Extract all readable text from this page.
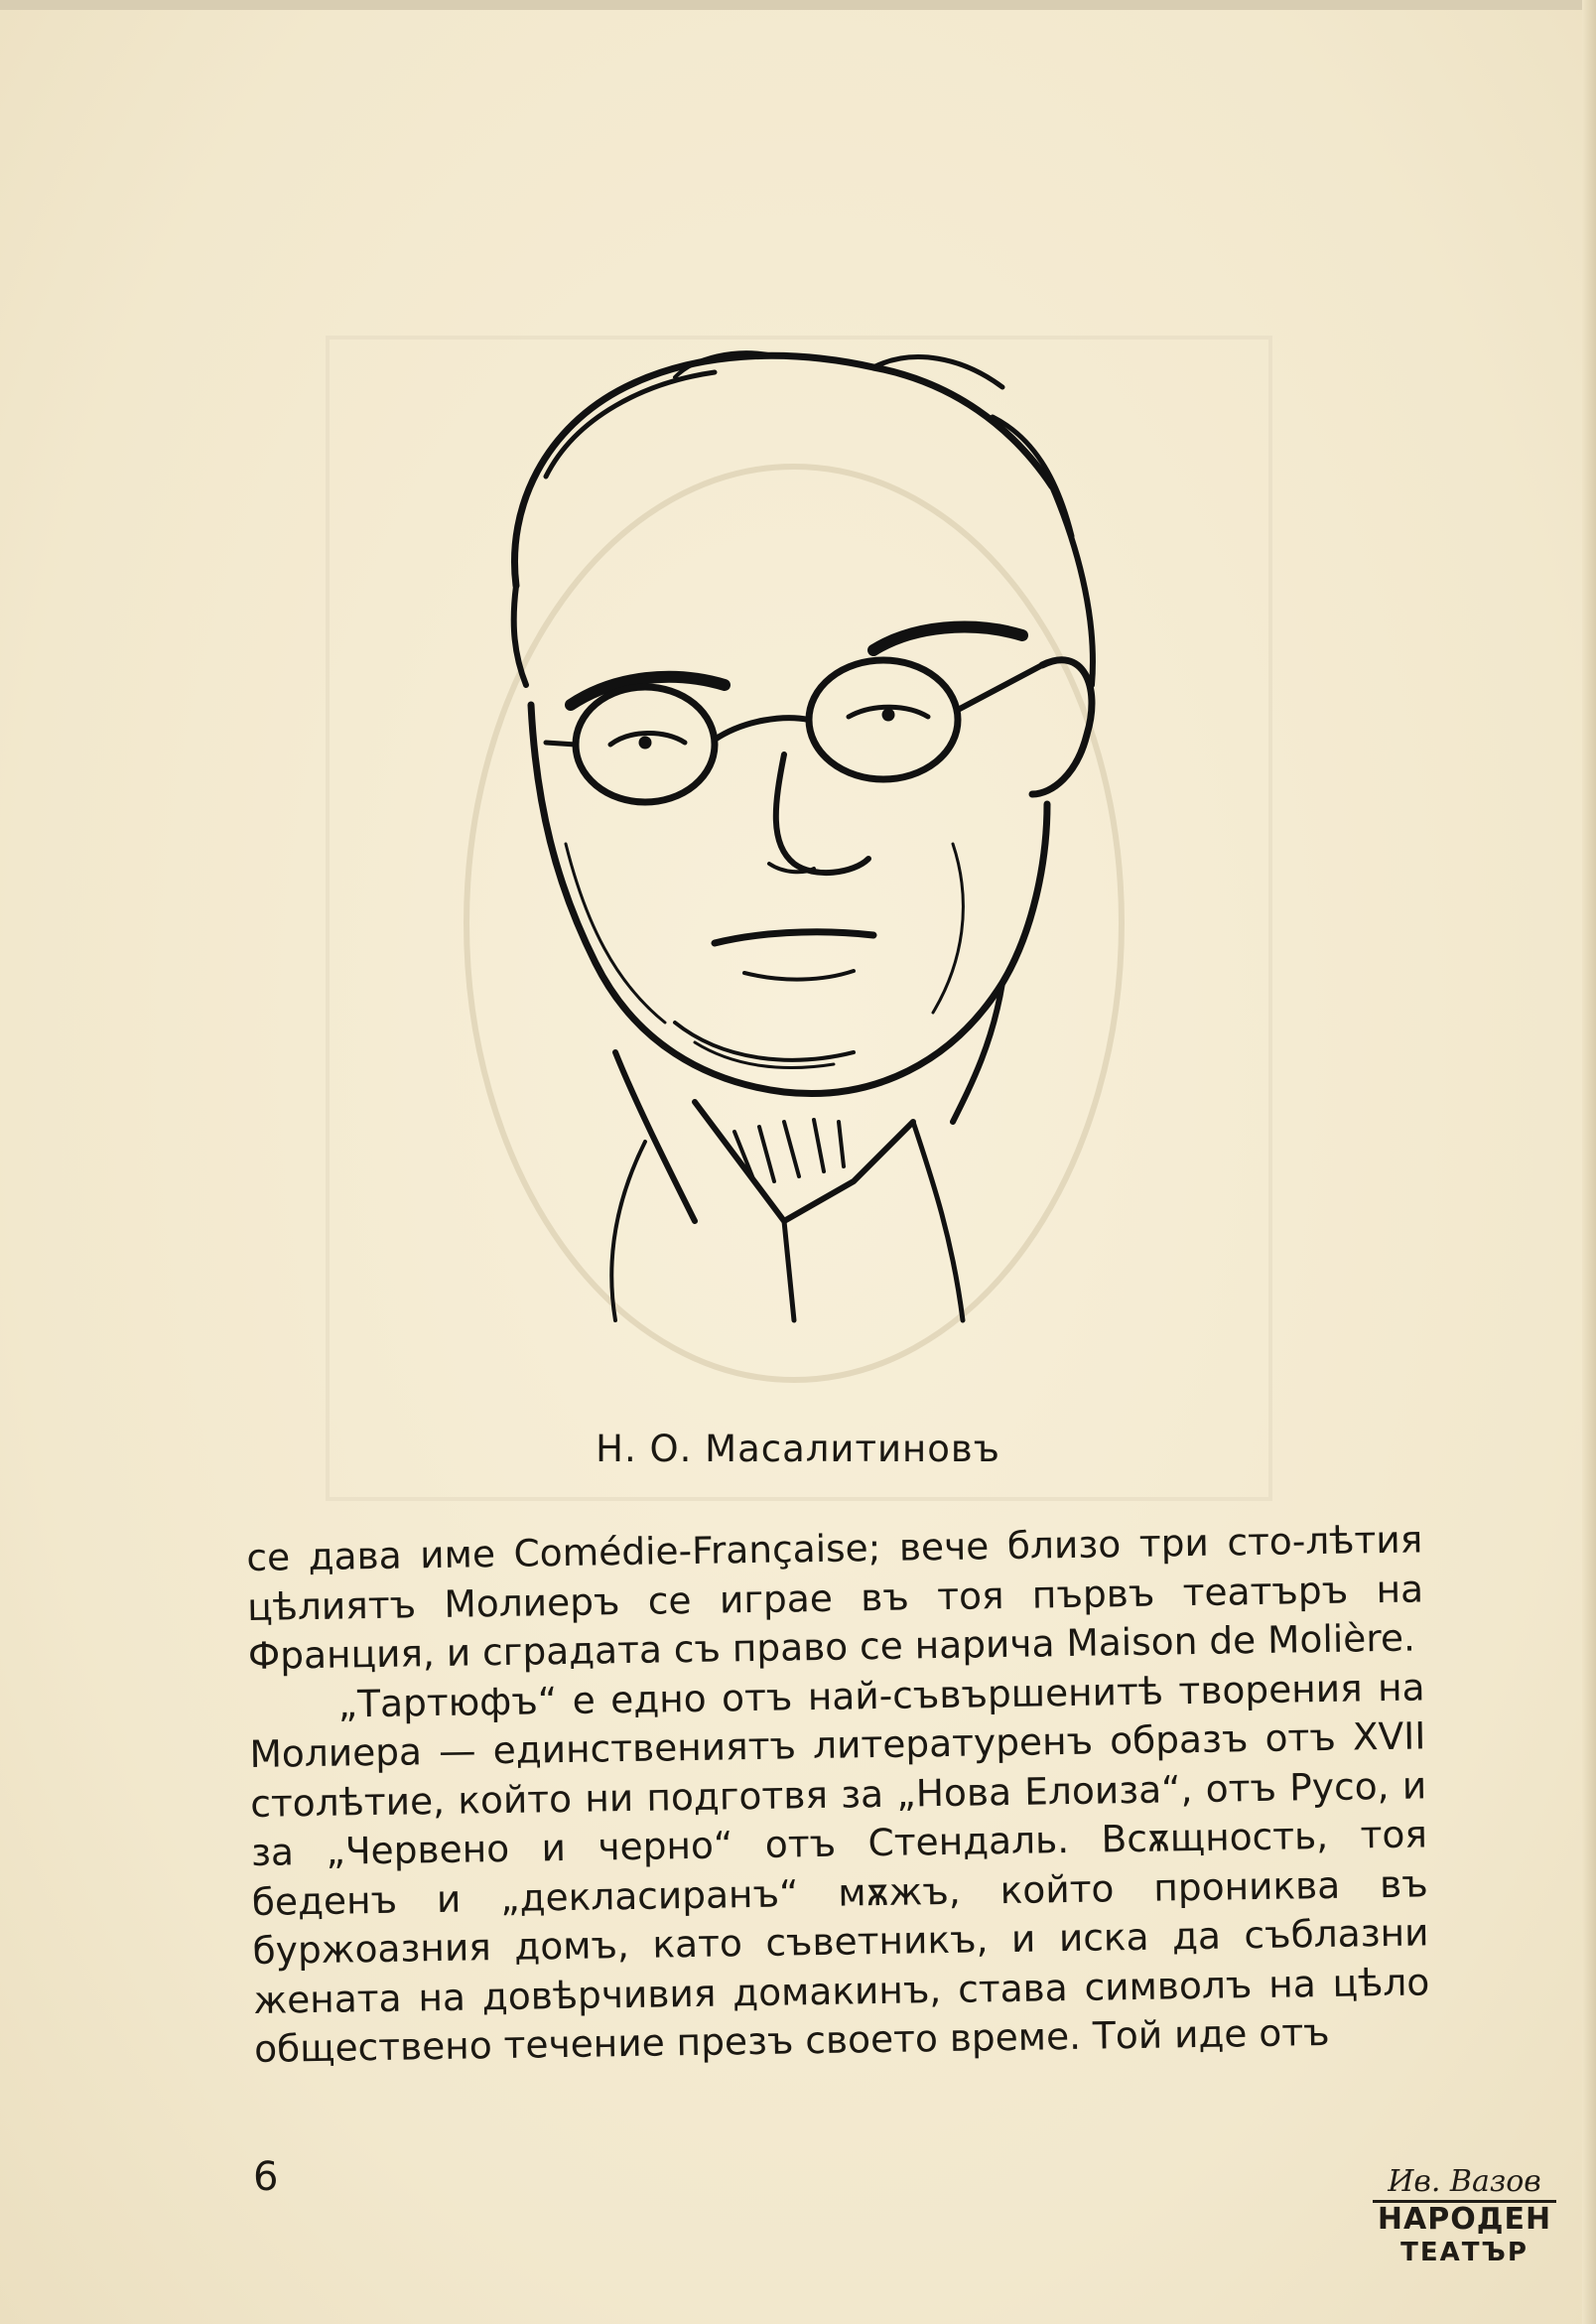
Н. О. Масалитиновъ

се дава име Comédie-Française; вече близо три сто-лѣтия цѣлиятъ Молиеръ се играе въ тоя първъ театъръ на Франция, и сградата съ право се нарича Maison de Molière.

„Тартюфъ“ е едно отъ най-съвършенитѣ творения на Молиера — единствениятъ литературенъ образъ отъ XVII столѣтие, който ни подготвя за „Нова Елоиза“, отъ Русо, и за „Червено и черно“ отъ Стендаль. Всѫщность, тоя беденъ и „декласиранъ“ мѫжъ, който прониква въ буржоазния домъ, като съветникъ, и иска да съблазни жената на довѣрчивия домакинъ, става символъ на цѣло обществено течение презъ своето време. Той иде отъ

6	Ив. Вазов
НАРОДЕН
ТЕАТЪР
